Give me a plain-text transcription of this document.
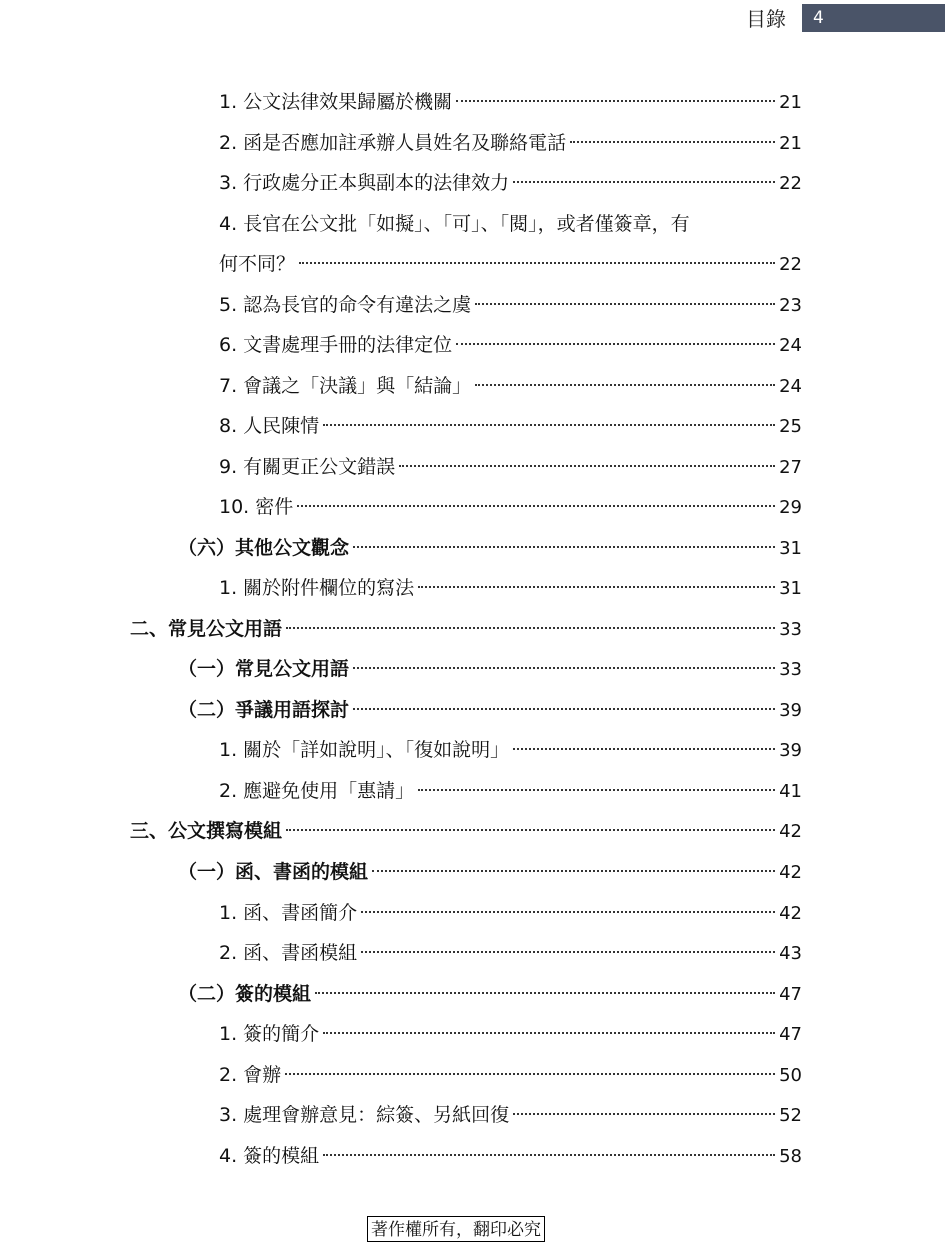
目錄	4
1. 公文法律效果歸屬於機關	21
2. 函是否應加註承辦人員姓名及聯絡電話	21
3. 行政處分正本與副本的法律效力	22
4. 長官在公文批「如擬」、「可」、「閱」，或者僅簽章，有
何不同？	22
5. 認為長官的命令有違法之虞	23
6. 文書處理手冊的法律定位	24
7. 會議之「決議」與「結論」	24
8. 人民陳情	25
9. 有關更正公文錯誤	27
10. 密件	29
（六）其他公文觀念	31
1. 關於附件欄位的寫法	31
二、常見公文用語	33
（一）常見公文用語	33
（二）爭議用語探討	39
1. 關於「詳如說明」、「復如說明」	39
2. 應避免使用「惠請」	41
三、公文撰寫模組	42
（一）函、書函的模組	42
1. 函、書函簡介	42
2. 函、書函模組	43
（二）簽的模組	47
1. 簽的簡介	47
2. 會辦	50
3. 處理會辦意見：綜簽、另紙回復	52
4. 簽的模組	58
著作權所有，翻印必究
